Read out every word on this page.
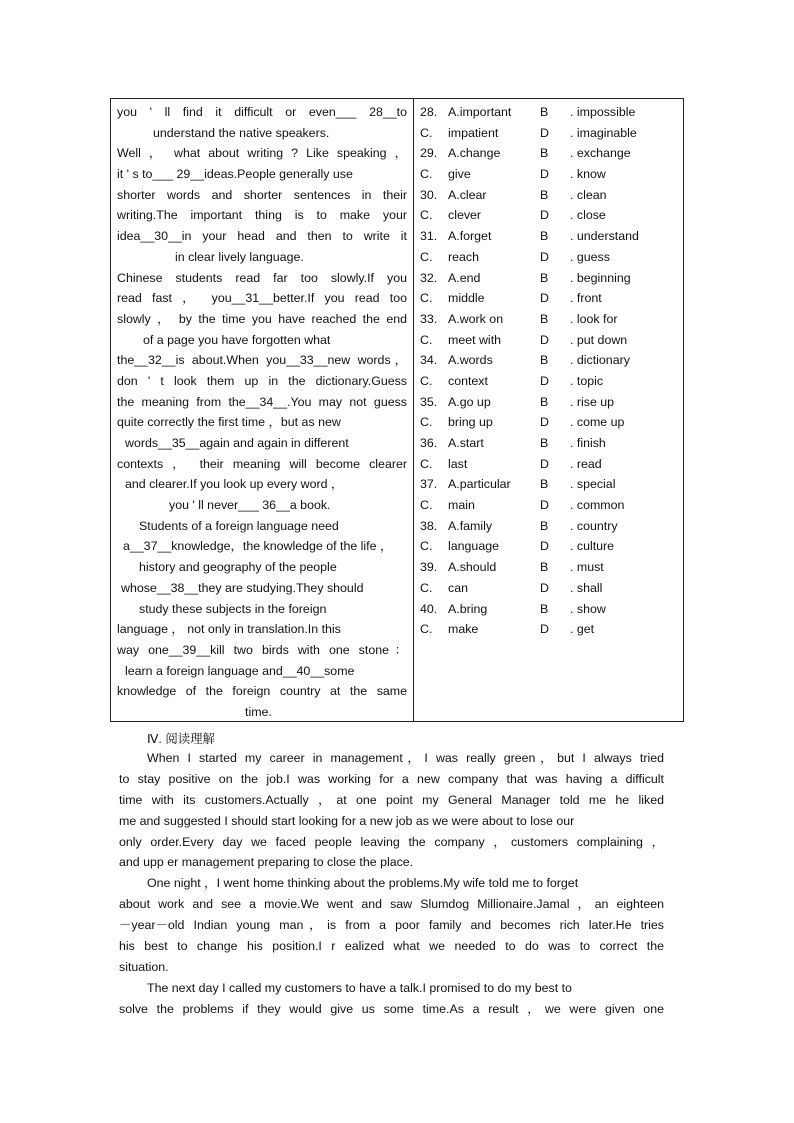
you ' ll find it difficult or even___ 28__to
understand the native speakers.
Well ， what about writing ? Like speaking ，
it ' s to___ 29__ideas.People generally use
shorter words and shorter sentences in their
writing.The important thing is to make your
idea__30__in your head and then to write it
in clear lively language.
Chinese students read far too slowly.If you
read fast ， you__31__better.If you read too
slowly ， by the time you have reached the end
of a page you have forgotten what
the__32__is about.When you__33__new words，
don ' t look them up in the dictionary.Guess
the meaning from the__34__.You may not guess
quite correctly the first time ，but as new
words__35__again and again in different
contexts ， their meaning will become clearer
and clearer.If you look up every word ，
you ' ll never___ 36__a book.
Students of a foreign language need
a__37__knowledge，the knowledge of the life ，
history and geography of the people
whose__38__they are studying.They should
study these subjects in the foreign
language ， not only in translation.In this
way one__39__kill two birds with one stone：
learn a foreign language and__40__some
knowledge of the foreign country at the same
time.
28. A.important	B	. impossible
C.	impatient	D	. imaginable
29. A.change	B	. exchange
C.	give	D	. know
30. A.clear	B	. clean
C.	clever	D	. close
31. A.forget	B	. understand
C.	reach	D	. guess
32. A.end	B	. beginning
C.	middle	D	. front
33. A.work on	B	. look for
C.	meet with	D	. put down
34. A.words	B	. dictionary
C.	context	D	. topic
35. A.go up	B	. rise up
C.	bring up	D	. come up
36. A.start	B	. finish
C.	last	D	. read
37. A.particular	B	. special
C.	main	D	. common
38. A.family	B	. country
C.	language	D	. culture
39. A.should	B	. must
C.	can	D	. shall
40. A.bring	B	. show
C.	make	D	. get
Ⅳ. 阅读理解
When I started my career in management，I was really green，but I always tried
to stay positive on the job.I was working for a new company that was having a difficult
time with its customers.Actually ，at one point my General Manager told me he liked
me and suggested I should start looking for a new job as we were about to lose our
only order.Every day we faced people leaving the company ，customers complaining ，
and upp er management preparing to close the place.
One night ，I went home thinking about the problems.My wife told me to forget
about work and see a movie.We went and saw Slumdog Millionaire.Jamal ，an eighteen
－year－old Indian young man，is from a poor family and becomes rich later.He tries
his best to change his position.I r ealized what we needed to do was to correct the
situation.
The next day I called my customers to have a talk.I promised to do my best to
solve the problems if they would give us some time.As a result ，we were given one
